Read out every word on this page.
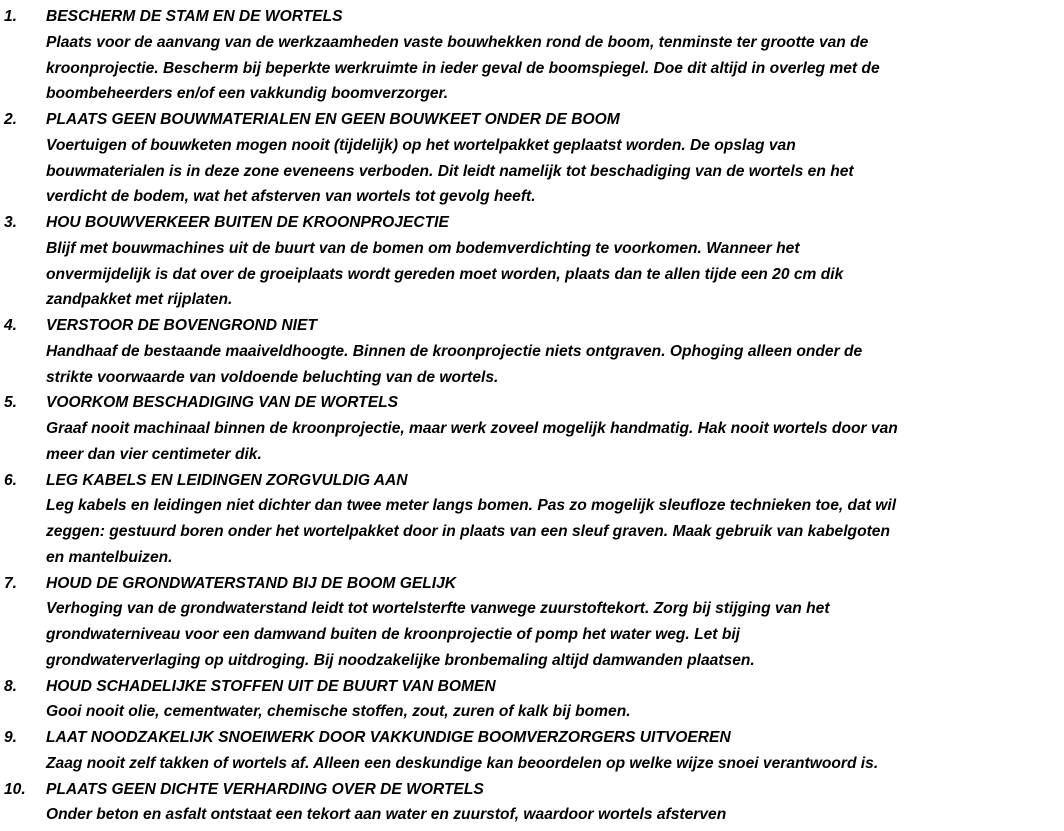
1. BESCHERM DE STAM EN DE WORTELS
Plaats voor de aanvang van de werkzaamheden vaste bouwhekken rond de boom, tenminste ter grootte van de
kroonprojectie. Bescherm bij beperkte werkruimte in ieder geval de boomspiegel. Doe dit altijd in overleg met de
boombeheerders en/of een vakkundig boomverzorger.
2. PLAATS GEEN BOUWMATERIALEN EN GEEN BOUWKEET ONDER DE BOOM
Voertuigen of bouwketen mogen nooit (tijdelijk) op het wortelpakket geplaatst worden. De opslag van
bouwmaterialen is in deze zone eveneens verboden. Dit leidt namelijk tot beschadiging van de wortels en het
verdicht de bodem, wat het afsterven van wortels tot gevolg heeft.
3. HOU BOUWVERKEER BUITEN DE KROONPROJECTIE
Blijf met bouwmachines uit de buurt van de bomen om bodemverdichting te voorkomen. Wanneer het
onvermijdelijk is dat over de groeiplaats wordt gereden moet worden, plaats dan te allen tijde een 20 cm dik
zandpakket met rijplaten.
4. VERSTOOR DE BOVENGROND NIET
Handhaaf de bestaande maaiveldhoogte. Binnen de kroonprojectie niets ontgraven. Ophoging alleen onder de
strikte voorwaarde van voldoende beluchting van de wortels.
5. VOORKOM BESCHADIGING VAN DE WORTELS
Graaf nooit machinaal binnen de kroonprojectie, maar werk zoveel mogelijk handmatig. Hak nooit wortels door van
meer dan vier centimeter dik.
6. LEG KABELS EN LEIDINGEN ZORGVULDIG AAN
Leg kabels en leidingen niet dichter dan twee meter langs bomen. Pas zo mogelijk sleufloze technieken toe, dat wil
zeggen: gestuurd boren onder het wortelpakket door in plaats van een sleuf graven. Maak gebruik van kabelgoten
en mantelbuizen.
7. HOUD DE GRONDWATERSTAND BIJ DE BOOM GELIJK
Verhoging van de grondwaterstand leidt tot wortelsterfte vanwege zuurstoftekort. Zorg bij stijging van het
grondwaterniveau voor een damwand buiten de kroonprojectie of pomp het water weg. Let bij
grondwaterverlaging op uitdroging. Bij noodzakelijke bronbemaling altijd damwanden plaatsen.
8. HOUD SCHADELIJKE STOFFEN UIT DE BUURT VAN BOMEN
Gooi nooit olie, cementwater, chemische stoffen, zout, zuren of kalk bij bomen.
9. LAAT NOODZAKELIJK SNOEIWERK DOOR VAKKUNDIGE BOOMVERZORGERS UITVOEREN
Zaag nooit zelf takken of wortels af. Alleen een deskundige kan beoordelen op welke wijze snoei verantwoord is.
10. PLAATS GEEN DICHTE VERHARDING OVER DE WORTELS
Onder beton en asfalt ontstaat een tekort aan water en zuurstof, waardoor wortels afsterven
